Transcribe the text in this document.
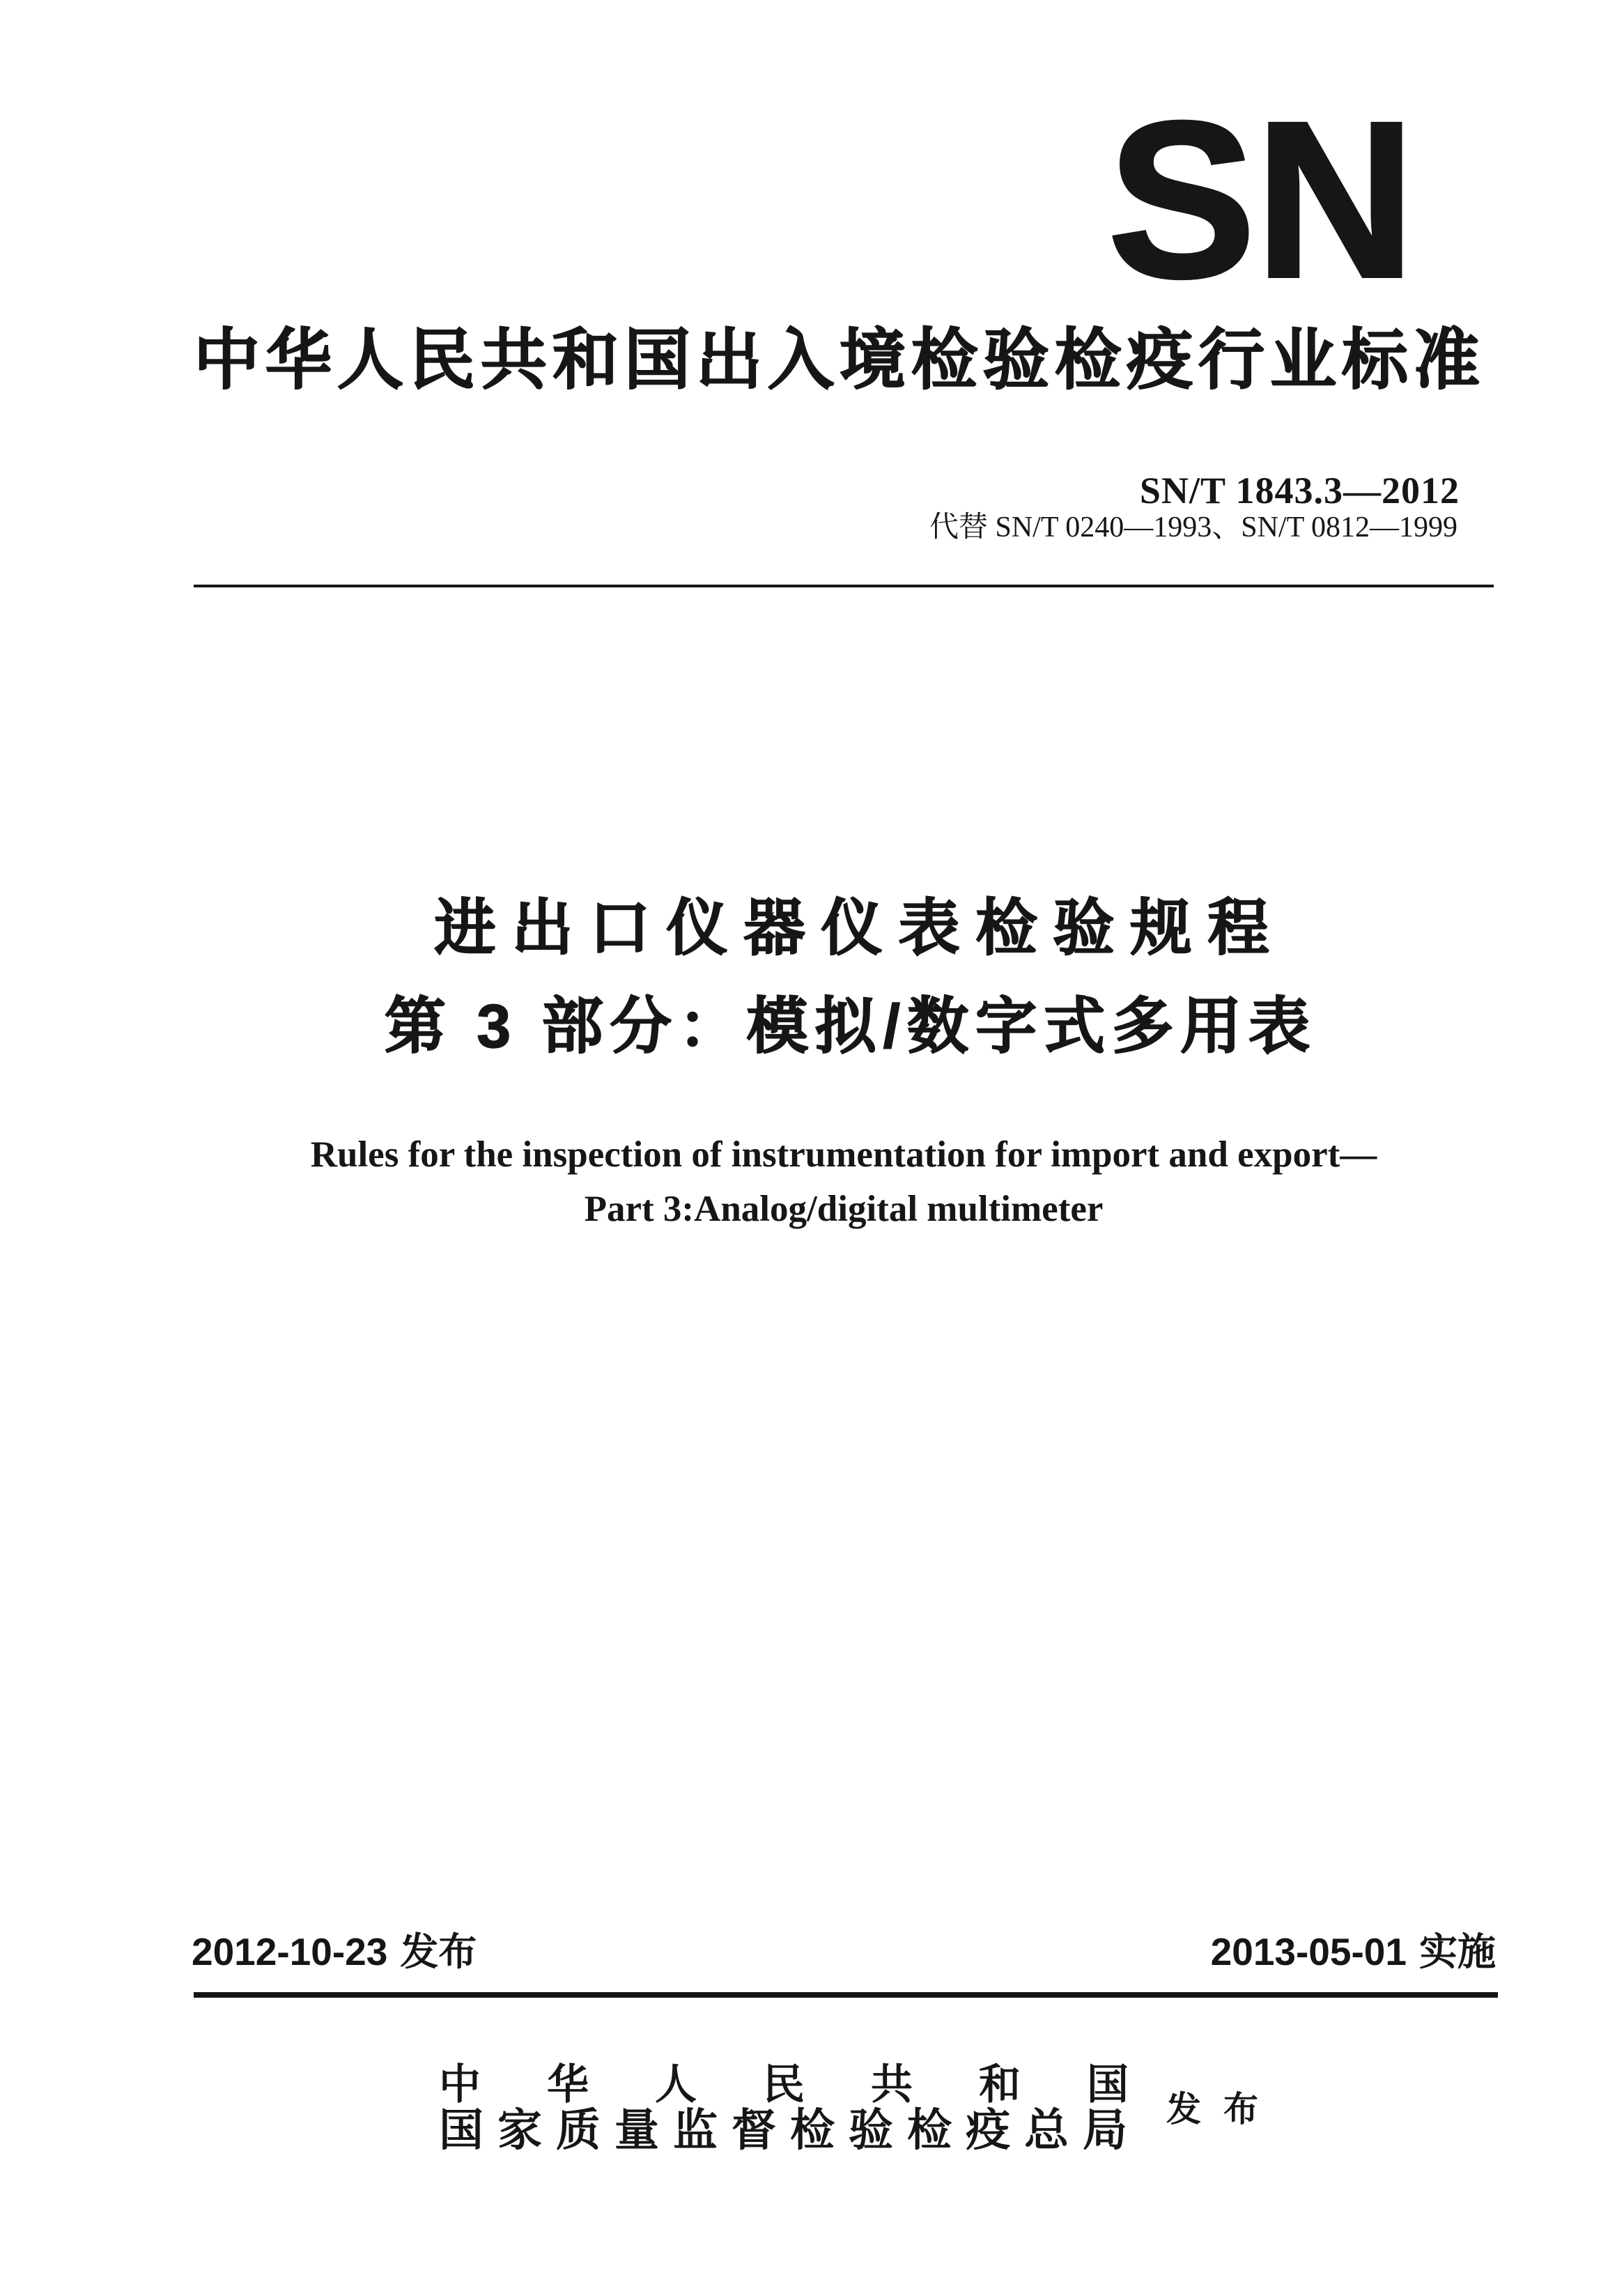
SN
中华人民共和国出入境检验检疫行业标准
SN/T 1843.3—2012
代替 SN/T 0240—1993、SN/T 0812—1999
进出口仪器仪表检验规程
第 3 部分：模拟/数字式多用表
Rules for the inspection of instrumentation for import and export—
Part 3:Analog/digital multimeter
2012-10-23 发布	2013-05-01 实施
中华人民共和国
国家质量监督检验检疫总局 发布
